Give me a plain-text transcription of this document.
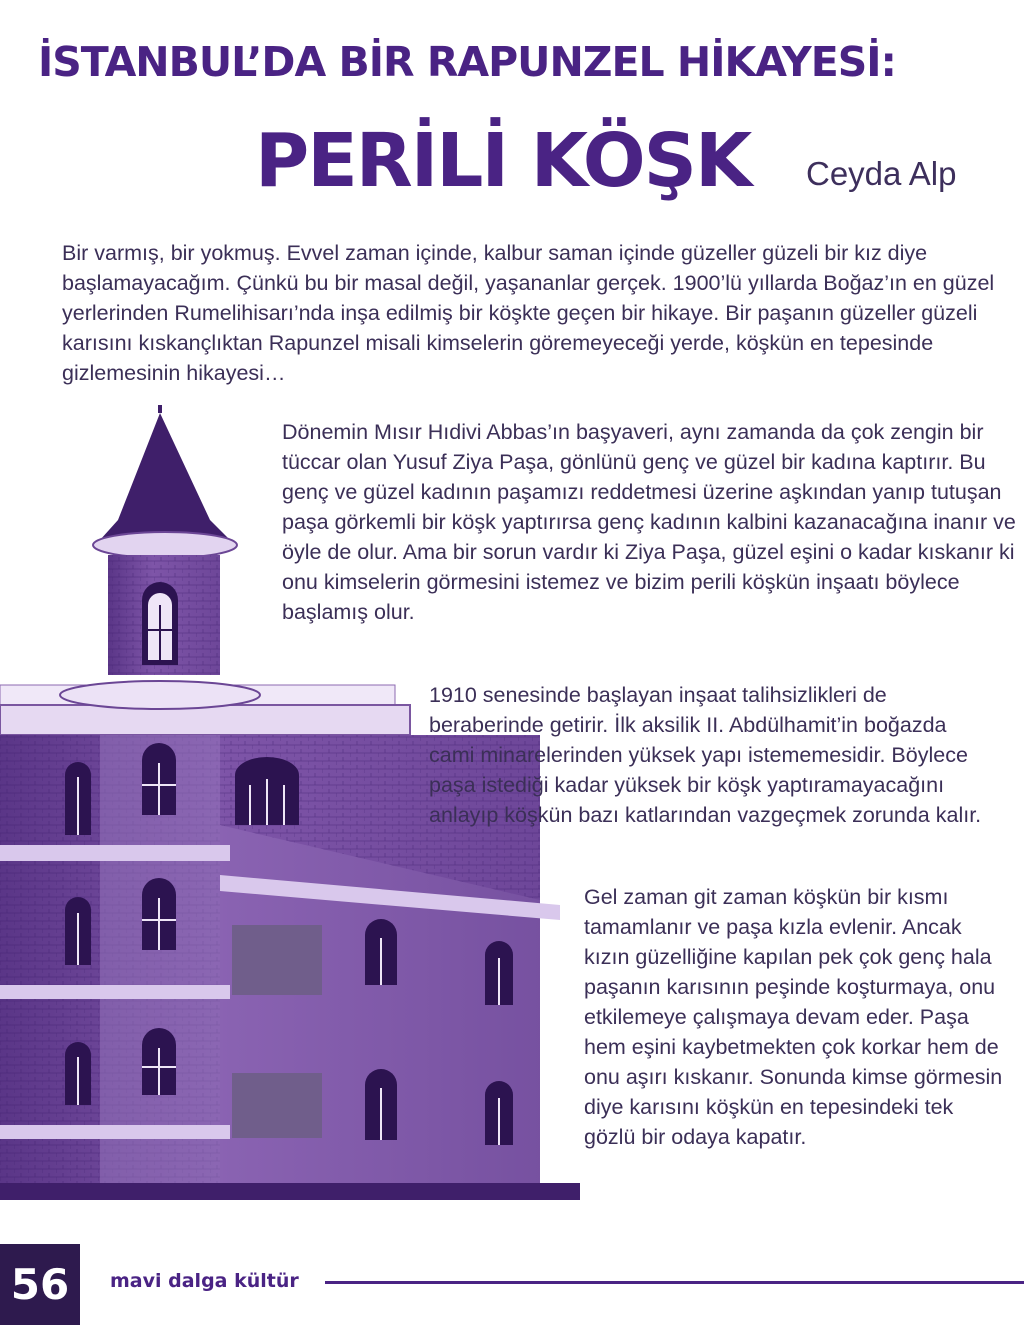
İSTANBUL’DA BİR RAPUNZEL HİKAYESİ:
PERİLİ KÖŞK Ceyda Alp

Bir varmış, bir yokmuş. Evvel zaman içinde, kalbur saman içinde güzeller güzeli bir kız diye başlamayacağım. Çünkü bu bir masal değil, yaşananlar gerçek. 1900’lü yıllarda Boğaz’ın en güzel yerlerinden Rumelihisarı’nda inşa edilmiş bir köşkte geçen bir hikaye. Bir paşanın güzeller güzeli karısını kıskançlıktan Rapunzel misali kimselerin göremeyeceği yerde, köşkün en tepesinde gizlemesinin hikayesi…

Dönemin Mısır Hıdivi Abbas’ın başyaveri, aynı zamanda da çok zengin bir tüccar olan Yusuf Ziya Paşa, gönlünü genç ve güzel bir kadına kaptırır. Bu genç ve güzel kadının paşamızı reddetmesi üzerine aşkından yanıp tutuşan paşa görkemli bir köşk yaptırırsa genç kadının kalbini kazanacağına inanır ve öyle de olur. Ama bir sorun vardır ki Ziya Paşa, güzel eşini o kadar kıskanır ki onu kimselerin görmesini istemez ve bizim perili köşkün inşaatı böylece başlamış olur.

1910 senesinde başlayan inşaat talihsizlikleri de beraberinde getirir. İlk aksilik II. Abdülhamit’in boğazda cami minarelerinden yüksek yapı istememesidir. Böylece paşa istediği kadar yüksek bir köşk yaptıramayacağını anlayıp köşkün bazı katlarından vazgeçmek zorunda kalır.

Gel zaman git zaman köşkün bir kısmı tamamlanır ve paşa kızla evlenir. Ancak kızın güzelliğine kapılan pek çok genç hala paşanın karısının peşinde koşturmaya, onu etkilemeye çalışmaya devam eder. Paşa hem eşini kaybetmekten çok korkar hem de onu aşırı kıskanır. Sonunda kimse görmesin diye karısını köşkün en tepesindeki tek gözlü bir odaya kapatır.

56	mavi dalga kültür
